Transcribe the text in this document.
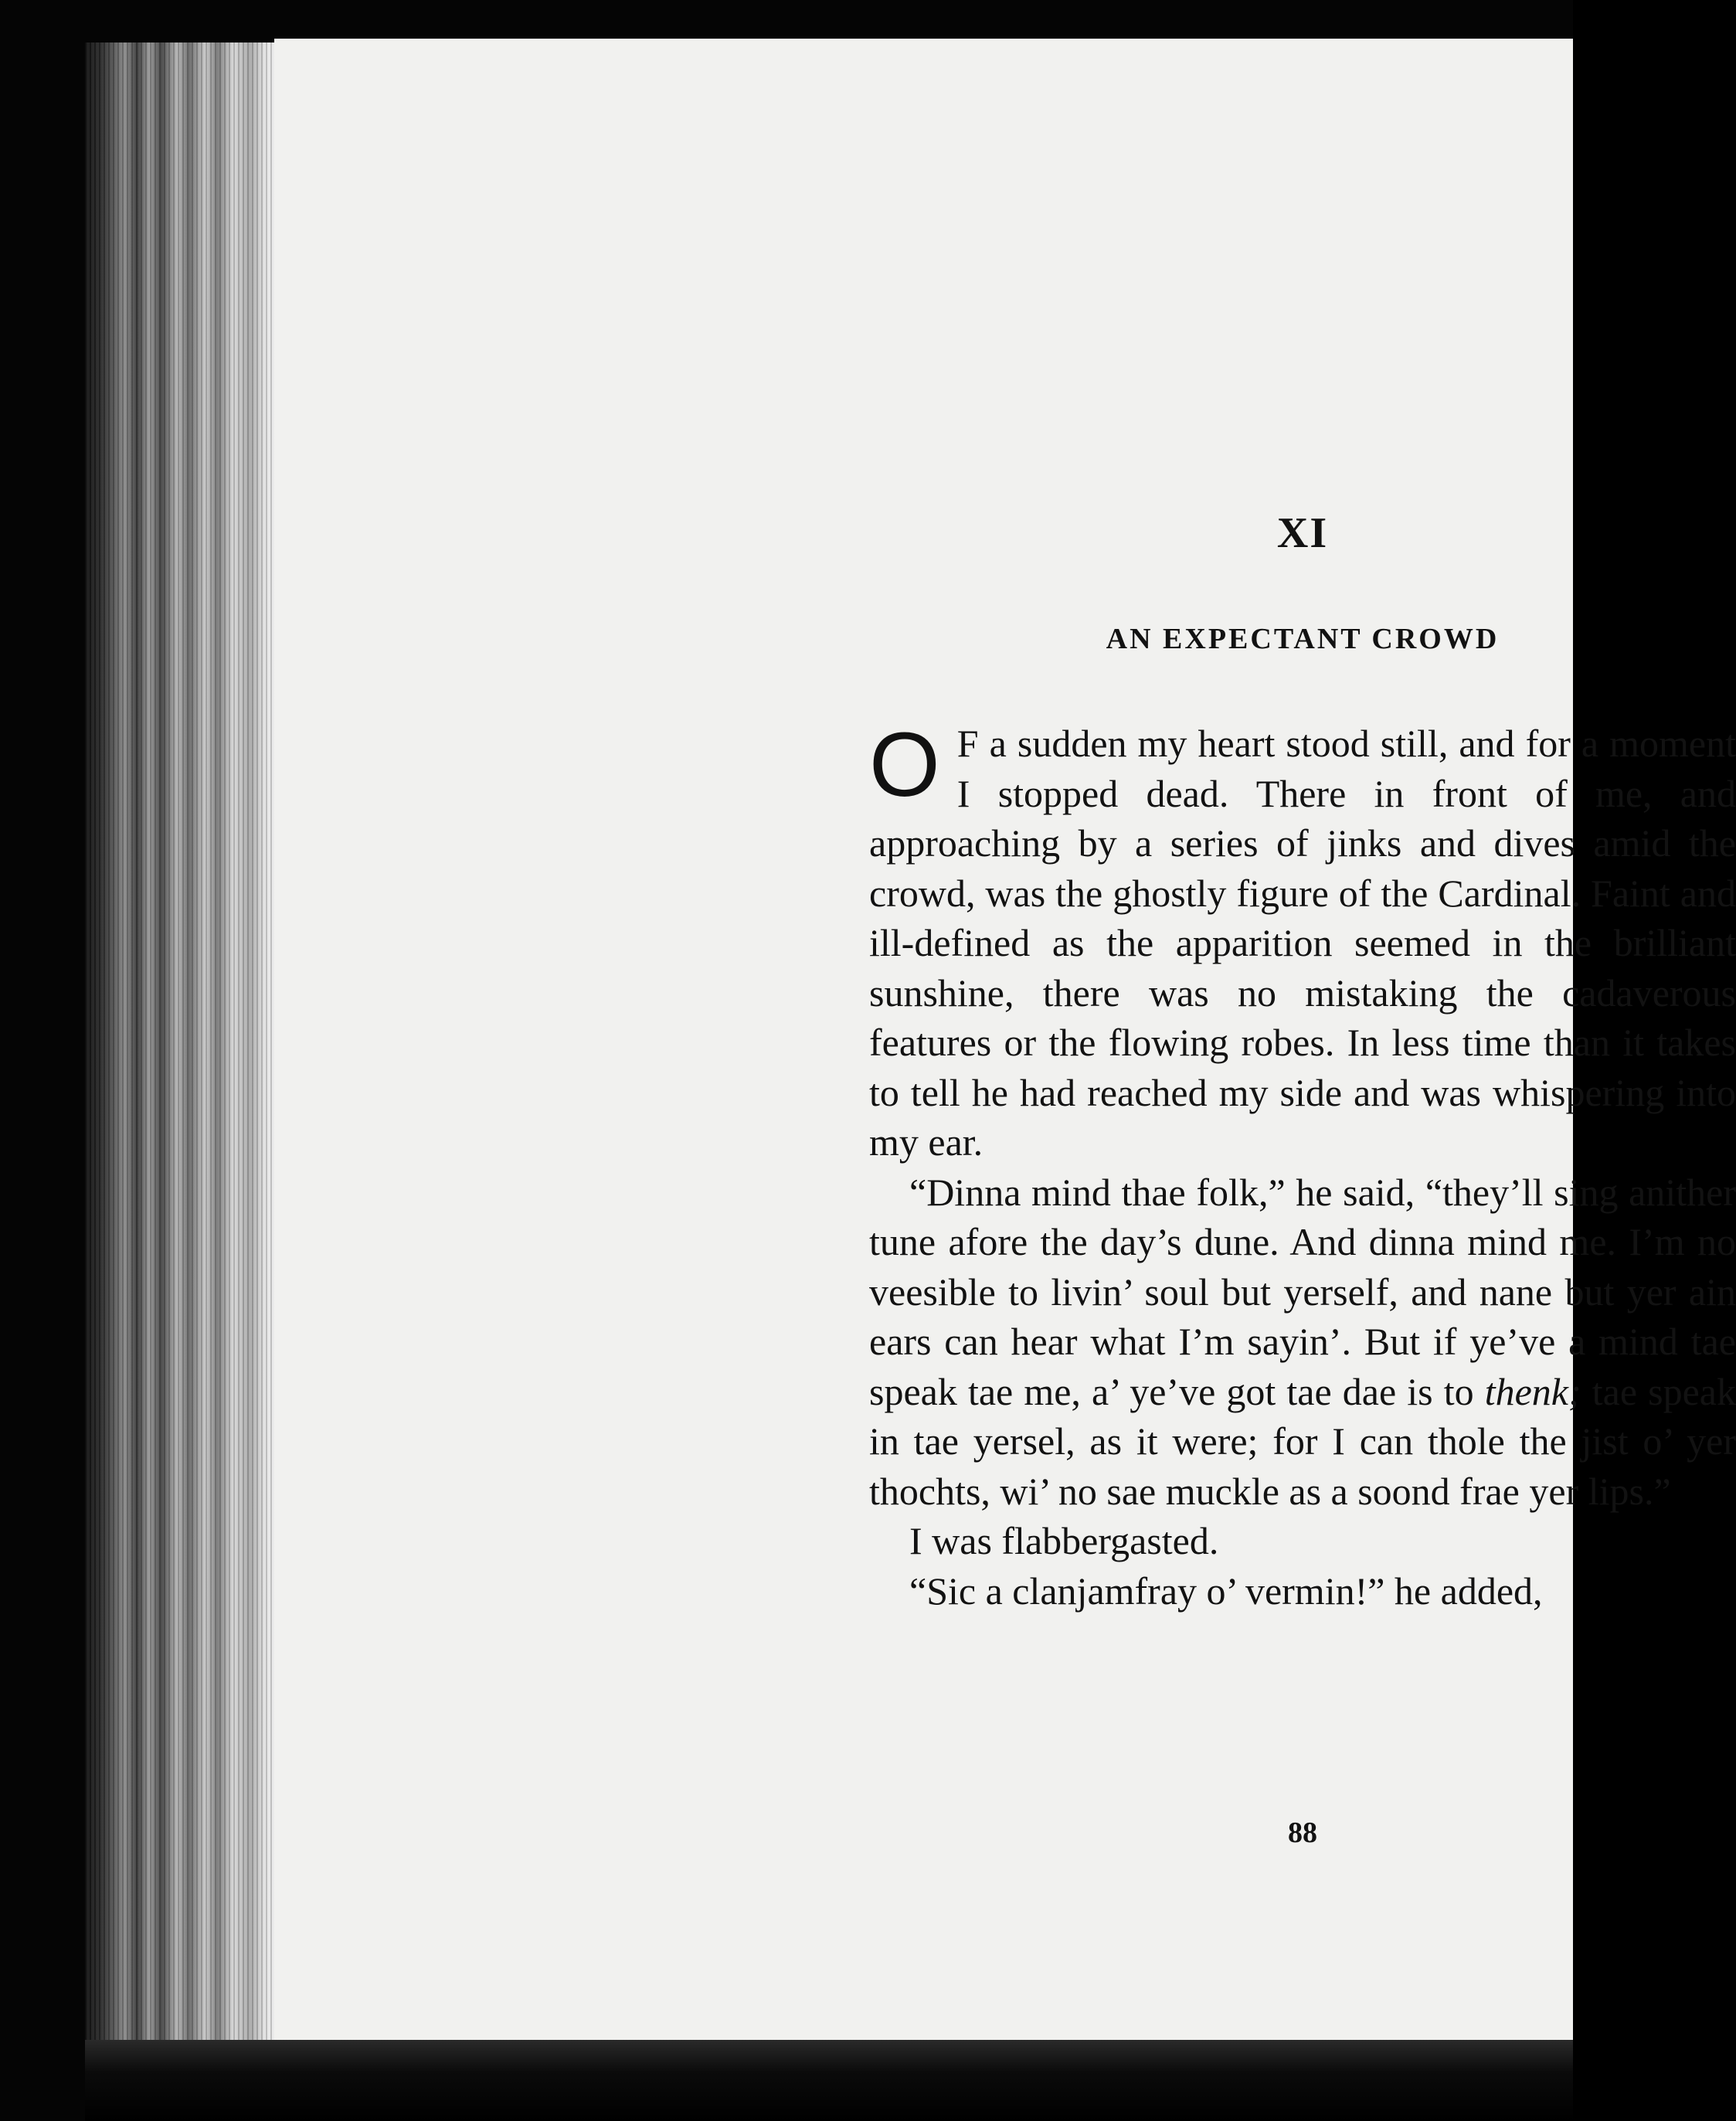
XI
AN EXPECTANT CROWD

O F a sudden my heart stood still, and for a moment I stopped dead. There in front of me, and approaching by a series of jinks and dives amid the crowd, was the ghostly figure of the Cardinal. Faint and ill-defined as the apparition seemed in the brilliant sunshine, there was no mistaking the cadaverous features or the flowing robes. In less time than it takes to tell he had reached my side and was whispering into my ear.

“Dinna mind thae folk,” he said, “they’ll sing anither tune afore the day’s dune. And dinna mind me. I’m no veesible to livin’ soul but yerself, and nane but yer ain ears can hear what I’m sayin’. But if ye’ve a mind tae speak tae me, a’ ye’ve got tae dae is to thenk; tae speak in tae yersel, as it were; for I can thole the jist o’ yer thochts, wi’ no sae muckle as a soond frae yer lips.”

I was flabbergasted.

“Sic a clanjamfray o’ vermin!” he added,

88
